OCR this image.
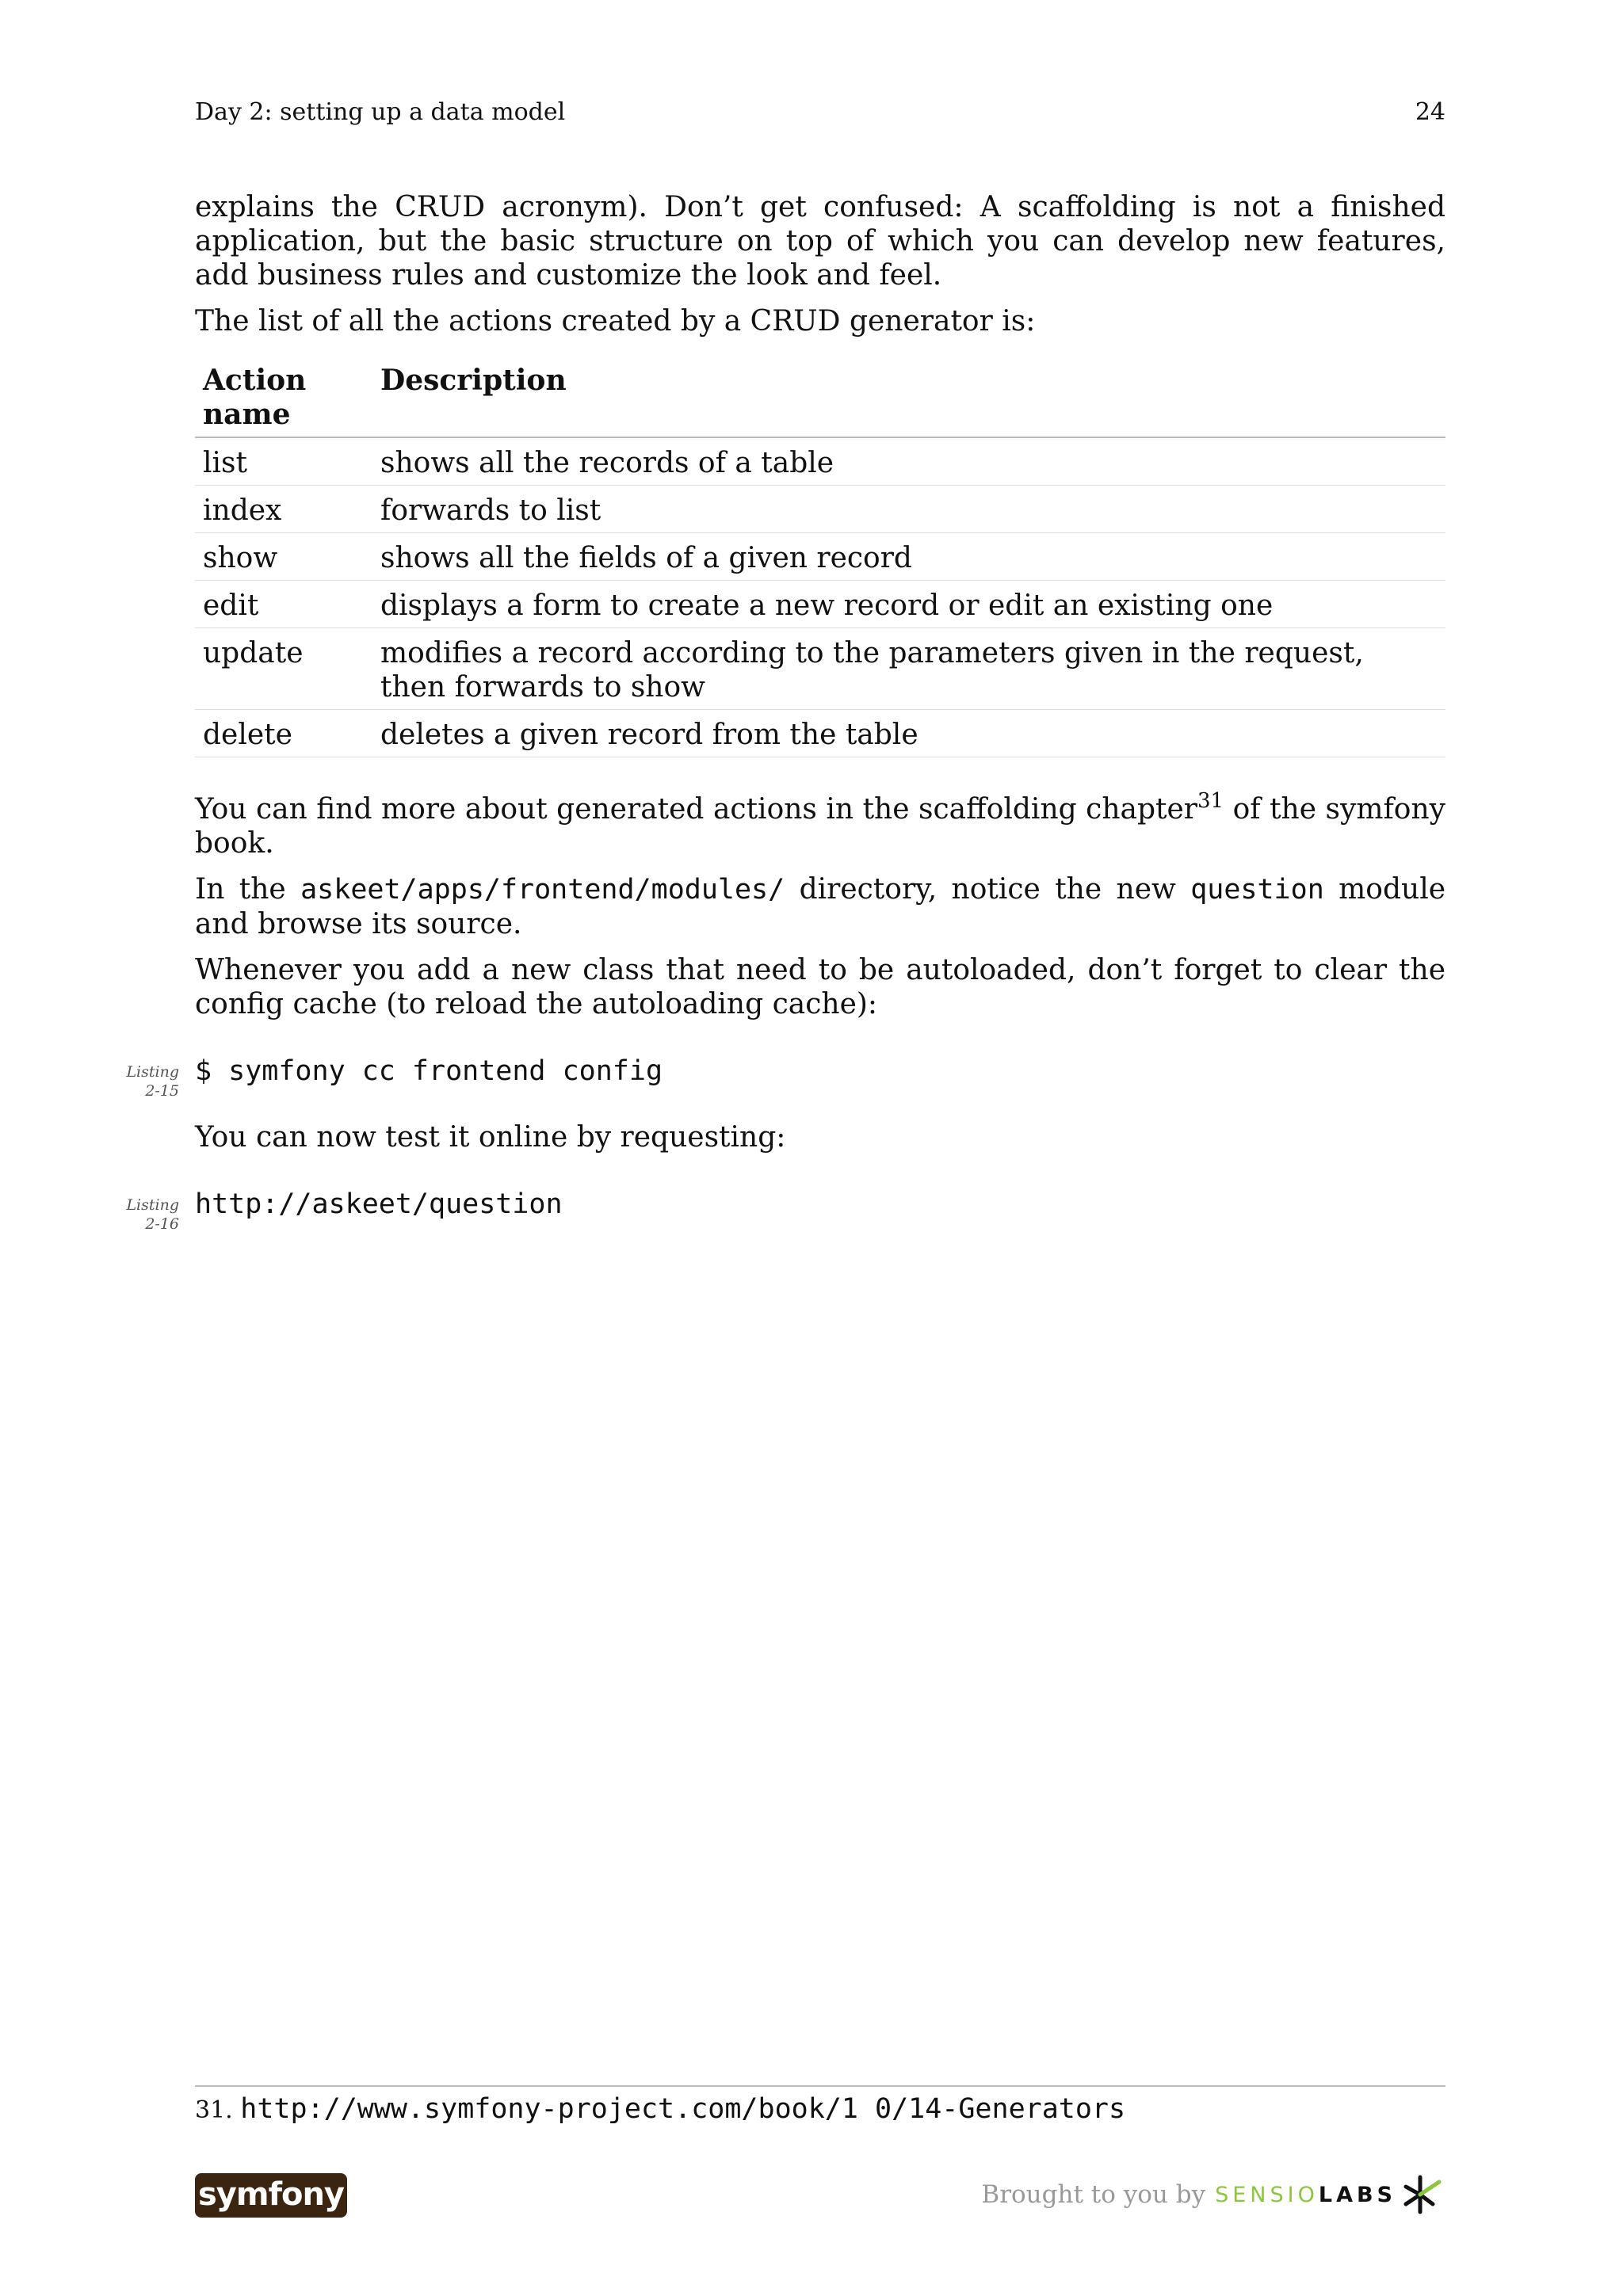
Day 2: setting up a data model	24

explains the CRUD acronym). Don’t get confused: A scaffolding is not a finished application, but the basic structure on top of which you can develop new features, add business rules and customize the look and feel.

The list of all the actions created by a CRUD generator is:

Action name	Description
list	shows all the records of a table
index	forwards to list
show	shows all the fields of a given record
edit	displays a form to create a new record or edit an existing one
update	modifies a record according to the parameters given in the request, then forwards to show
delete	deletes a given record from the table

You can find more about generated actions in the scaffolding chapter$^{31}$ of the symfony book.

In the askeet/apps/frontend/modules/ directory, notice the new question module and browse its source.

Whenever you add a new class that need to be autoloaded, don’t forget to clear the config cache (to reload the autoloading cache):

Listing
2-15
$ symfony cc frontend config

You can now test it online by requesting:

Listing
2-16
http://askeet/question
31. http://www.symfony-project.com/book/1 0/14-Generators
symfony	Brought to you by SENSIO LABS
